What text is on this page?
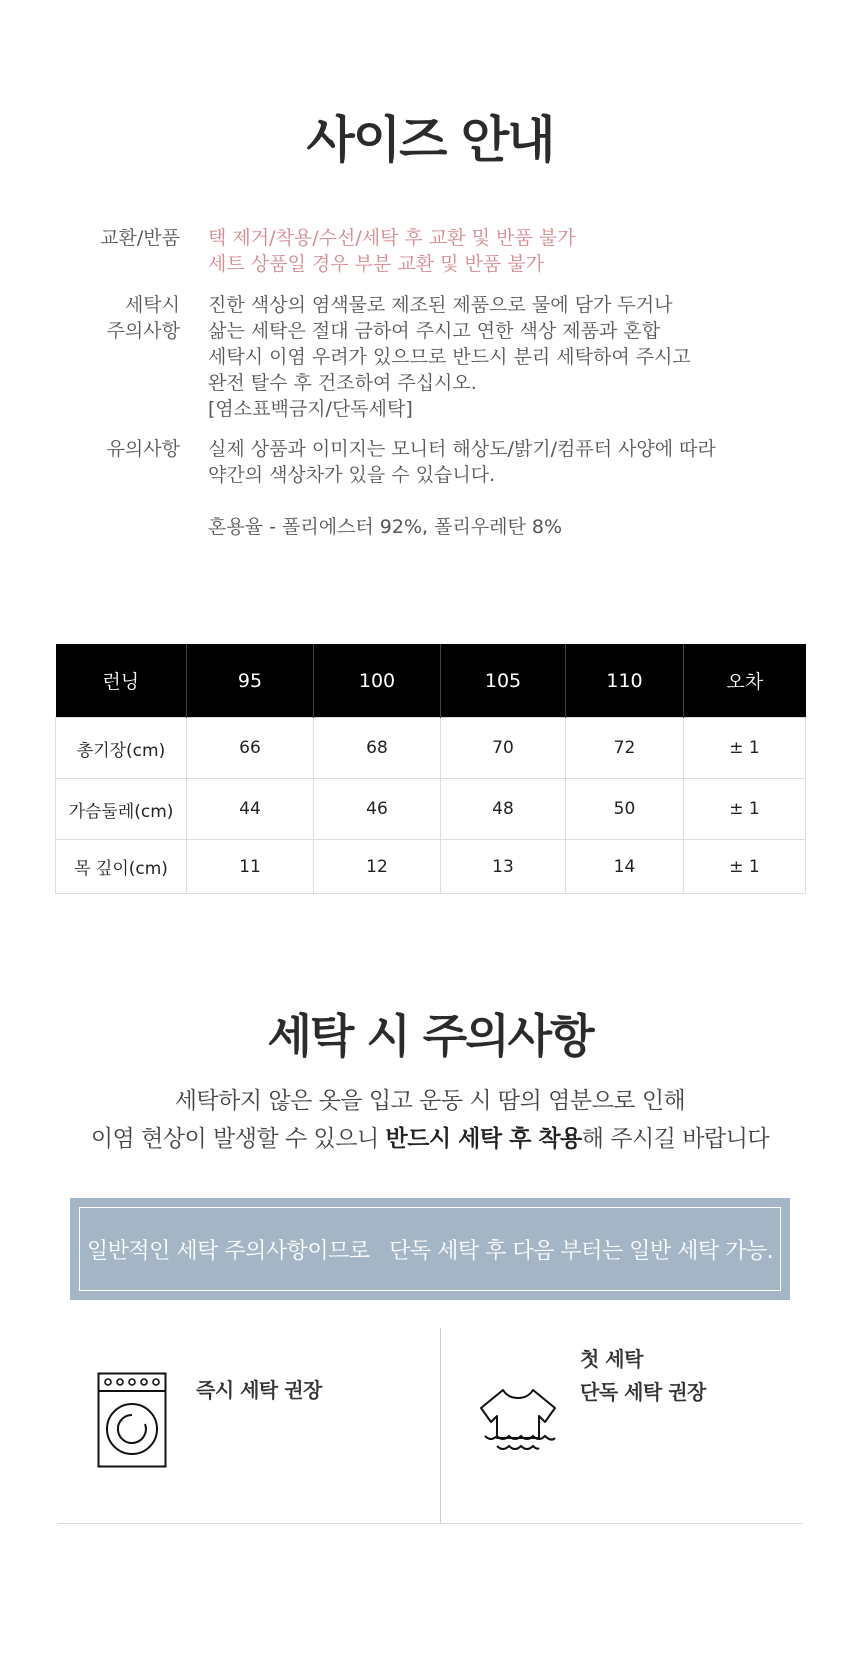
사이즈 안내
교환/반품 택 제거/착용/수선/세탁 후 교환 및 반품 불가
세트 상품일 경우 부분 교환 및 반품 불가
세탁시
주의사항
진한 색상의 염색물로 제조된 제품으로 물에 담가 두거나
삶는 세탁은 절대 금하여 주시고 연한 색상 제품과 혼합
세탁시 이염 우려가 있으므로 반드시 분리 세탁하여 주시고
완전 탈수 후 건조하여 주십시오.
[염소표백금지/단독세탁]
유의사항 실제 상품과 이미지는 모니터 해상도/밝기/컴퓨터 사양에 따라
약간의 색상차가 있을 수 있습니다.
혼용율 - 폴리에스터 92%, 폴리우레탄 8%
런닝	95	100	105	110	오차
총기장(cm)	66	68	70	72	± 1
가슴둘레(cm)	44	46	48	50	± 1
목 깊이(cm)	11	12	13	14	± 1
세탁 시 주의사항
세탁하지 않은 옷을 입고 운동 시 땀의 염분으로 인해
이염 현상이 발생할 수 있으니 반드시 세탁 후 착용해 주시길 바랍니다
일반적인 세탁 주의사항이므로   단독 세탁 후 다음 부터는 일반 세탁 가능.
즉시 세탁 권장
첫 세탁
단독 세탁 권장
